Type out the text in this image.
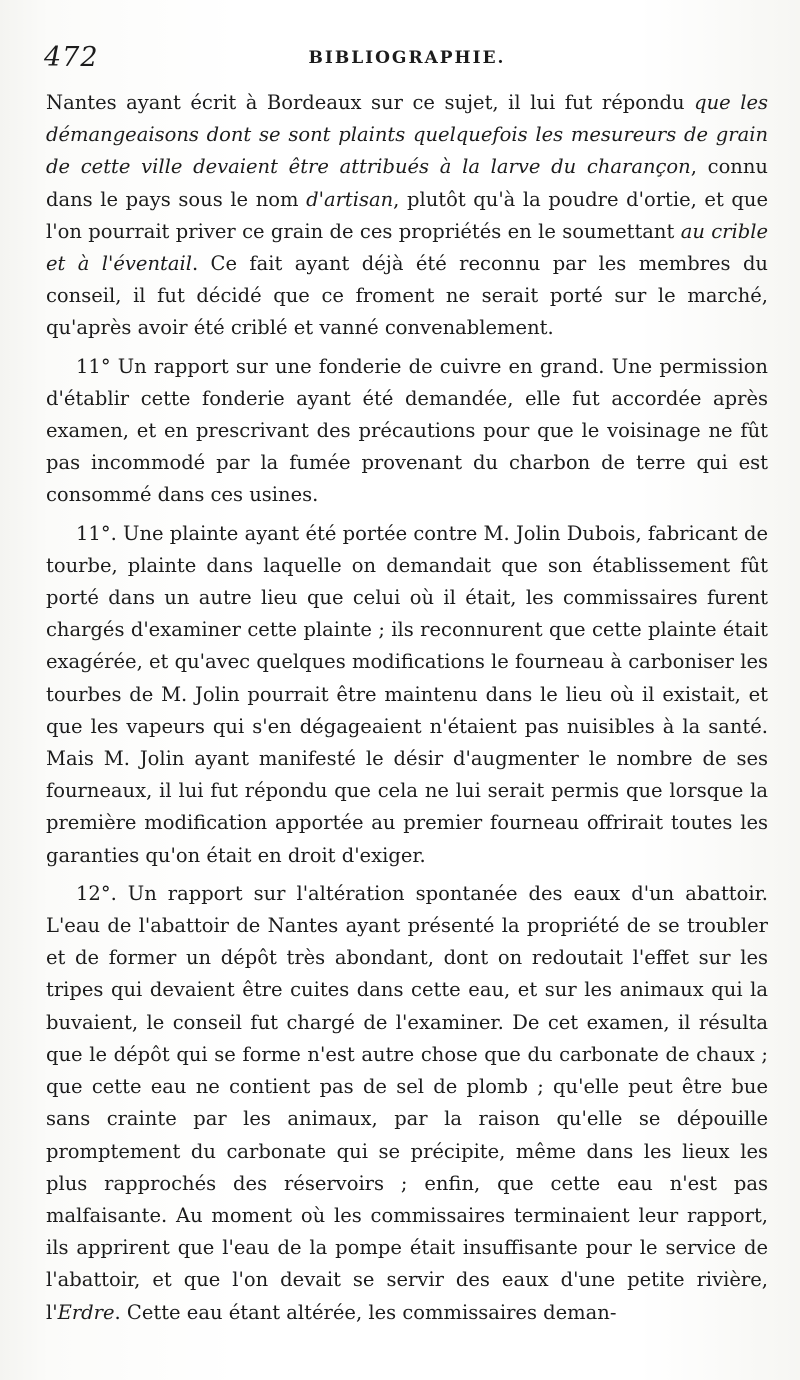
472	BIBLIOGRAPHIE.

Nantes ayant écrit à Bordeaux sur ce sujet, il lui fut répondu que les démangeaisons dont se sont plaints quelquefois les mesureurs de grain de cette ville devaient être attribués à la larve du charançon, connu dans le pays sous le nom d'artisan, plutôt qu'à la poudre d'ortie, et que l'on pourrait priver ce grain de ces propriétés en le soumettant au crible et à l'éventail. Ce fait ayant déjà été reconnu par les membres du conseil, il fut décidé que ce froment ne serait porté sur le marché, qu'après avoir été criblé et vanné convenablement.

11° Un rapport sur une fonderie de cuivre en grand. Une permission d'établir cette fonderie ayant été demandée, elle fut accordée après examen, et en prescrivant des précautions pour que le voisinage ne fût pas incommodé par la fumée provenant du charbon de terre qui est consommé dans ces usines.

11°. Une plainte ayant été portée contre M. Jolin Dubois, fabricant de tourbe, plainte dans laquelle on demandait que son établissement fût porté dans un autre lieu que celui où il était, les commissaires furent chargés d'examiner cette plainte ; ils reconnurent que cette plainte était exagérée, et qu'avec quelques modifications le fourneau à carboniser les tourbes de M. Jolin pourrait être maintenu dans le lieu où il existait, et que les vapeurs qui s'en dégageaient n'étaient pas nuisibles à la santé. Mais M. Jolin ayant manifesté le désir d'augmenter le nombre de ses fourneaux, il lui fut répondu que cela ne lui serait permis que lorsque la première modification apportée au premier fourneau offrirait toutes les garanties qu'on était en droit d'exiger.

12°. Un rapport sur l'altération spontanée des eaux d'un abattoir. L'eau de l'abattoir de Nantes ayant présenté la propriété de se troubler et de former un dépôt très abondant, dont on redoutait l'effet sur les tripes qui devaient être cuites dans cette eau, et sur les animaux qui la buvaient, le conseil fut chargé de l'examiner. De cet examen, il résulta que le dépôt qui se forme n'est autre chose que du carbonate de chaux ; que cette eau ne contient pas de sel de plomb ; qu'elle peut être bue sans crainte par les animaux, par la raison qu'elle se dépouille promptement du carbonate qui se précipite, même dans les lieux les plus rapprochés des réservoirs ; enfin, que cette eau n'est pas malfaisante. Au moment où les commissaires terminaient leur rapport, ils apprirent que l'eau de la pompe était insuffisante pour le service de l'abattoir, et que l'on devait se servir des eaux d'une petite rivière, l'Erdre. Cette eau étant altérée, les commissaires deman-
